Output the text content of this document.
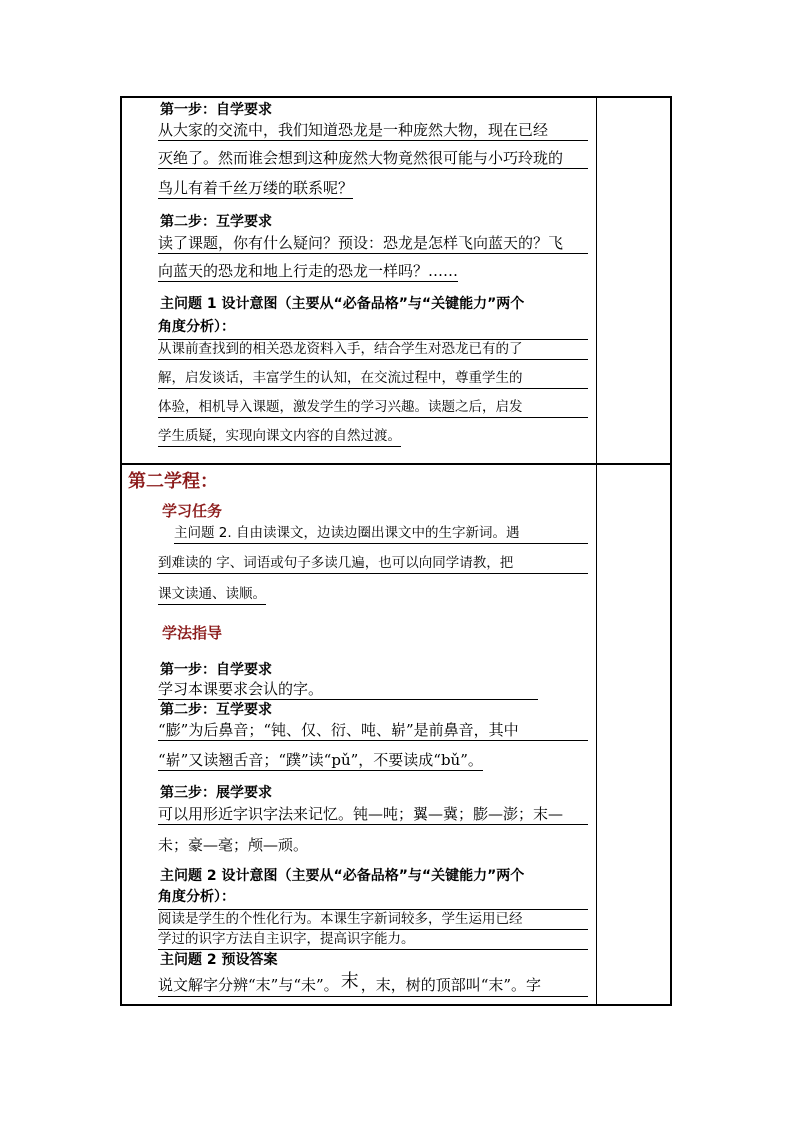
第一步：自学要求
从大家的交流中，我们知道恐龙是一种庞然大物，现在已经
灭绝了。然而谁会想到这种庞然大物竟然很可能与小巧玲珑的
鸟儿有着千丝万缕的联系呢？
第二步：互学要求
读了课题，你有什么疑问？预设：恐龙是怎样飞向蓝天的？飞
向蓝天的恐龙和地上行走的恐龙一样吗？……
主问题 1 设计意图（主要从“必备品格”与“关键能力”两个
角度分析）：
从课前查找到的相关恐龙资料入手，结合学生对恐龙已有的了
解，启发谈话，丰富学生的认知，在交流过程中，尊重学生的
体验，相机导入课题，激发学生的学习兴趣。读题之后，启发
学生质疑，实现向课文内容的自然过渡。
第二学程：
学习任务
主问题 2. 自由读课文，边读边圈出课文中的生字新词。遇
到难读的 字、词语或句子多读几遍，也可以向同学请教，把
课文读通、读顺。
学法指导
第一步：自学要求
学习本课要求会认的字。
第二步：互学要求
“膨”为后鼻音；“钝、仅、衍、吨、崭”是前鼻音，其中
“崭”又读翘舌音；“蹼”读“pǔ”，不要读成“bǔ”。
第三步：展学要求
可以用形近字识字法来记忆。钝—吨；翼—冀；膨—澎；末—
未；豪—毫；颅—顽。
主问题 2 设计意图（主要从“必备品格”与“关键能力”两个
角度分析）：
阅读是学生的个性化行为。本课生字新词较多，学生运用已经
学过的识字方法自主识字，提高识字能力。
主问题 2 预设答案
说文解字分辨“末”与“未”。 末 ，末，树的顶部叫“末”。字
